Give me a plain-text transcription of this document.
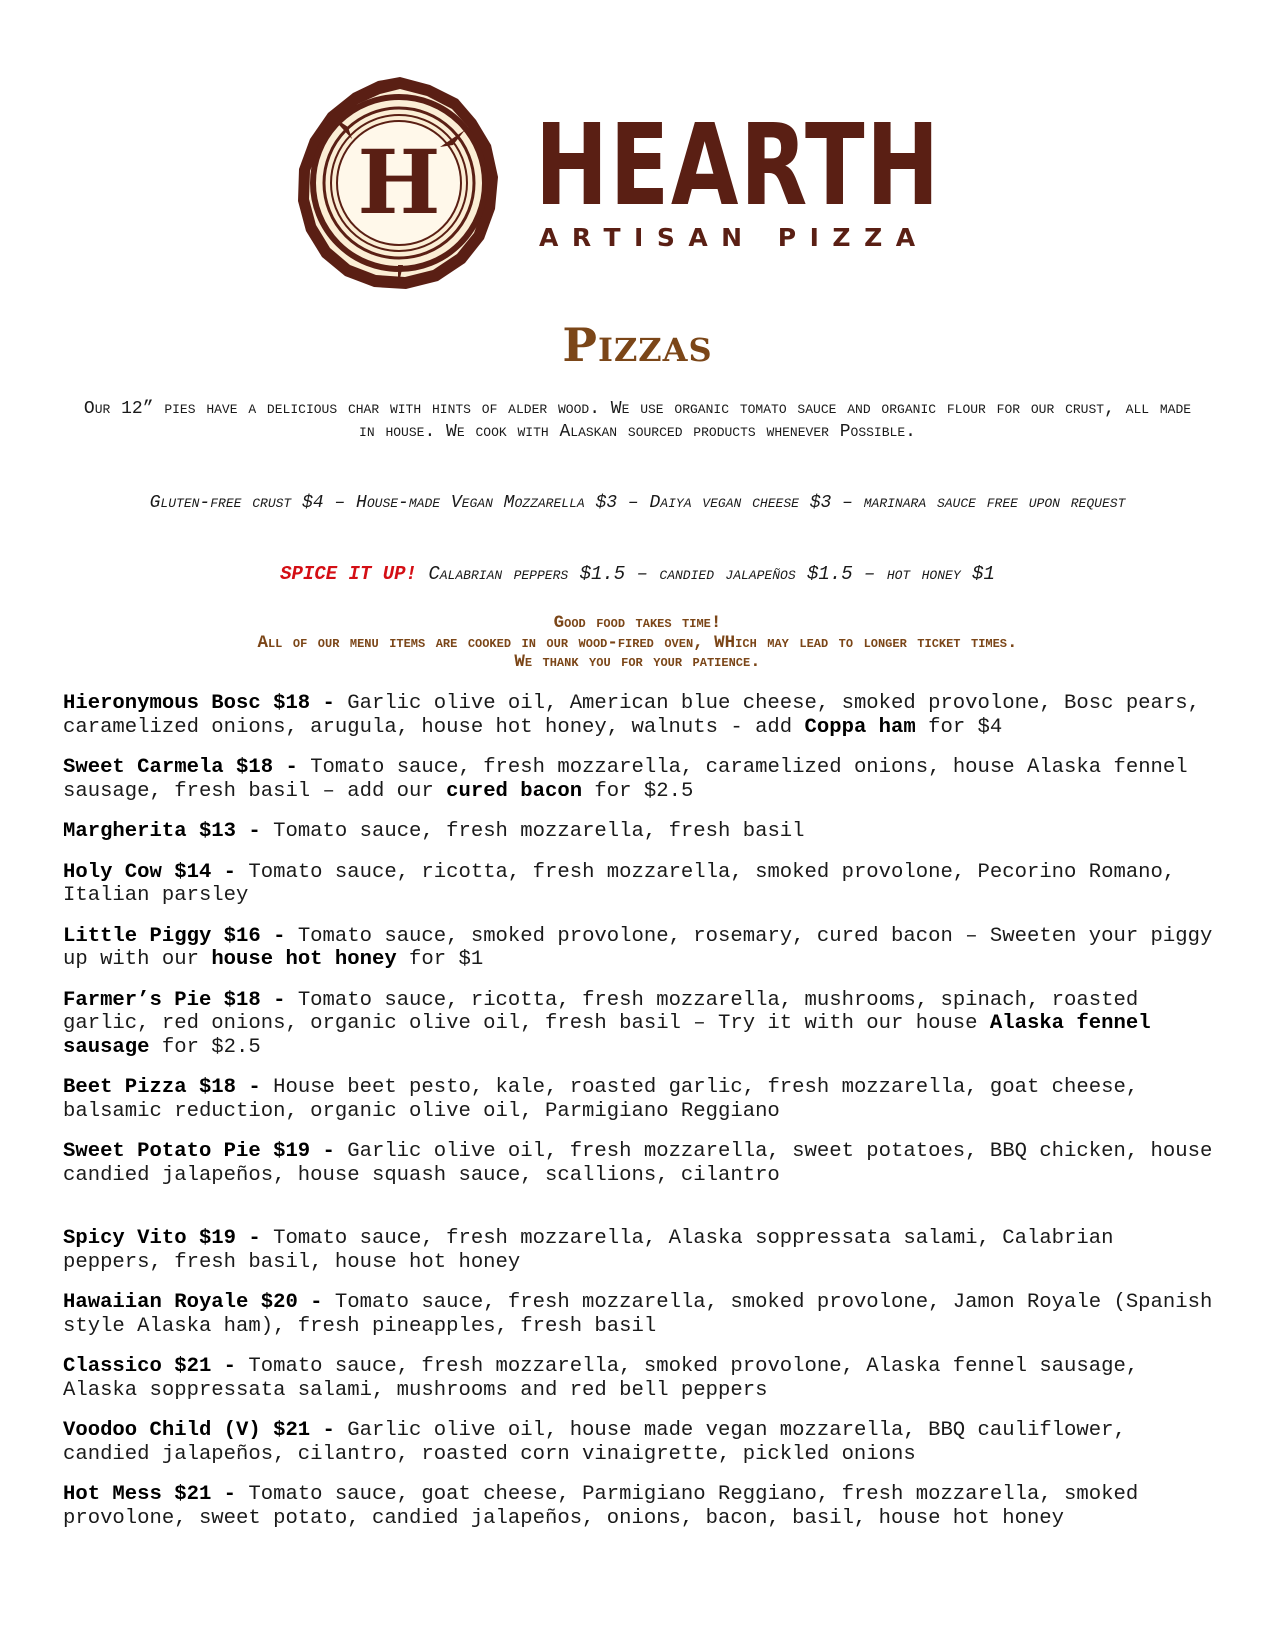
H HEARTH
ARTISAN PIZZA
Pizzas
Our 12” pies have a delicious char with hints of alder wood. We use organic tomato sauce and organic flour for our crust, all made in house. We cook with Alaskan sourced products whenever Possible.
Gluten-free crust $4 – House-made Vegan Mozzarella $3 – Daiya vegan cheese $3 – marinara sauce free upon request
SPICE IT UP! Calabrian peppers $1.5 – candied jalapeños $1.5 – hot honey $1
Good food takes time!
All of our menu items are cooked in our wood-fired oven, WHich may lead to longer ticket times.
We thank you for your patience.

Hieronymous Bosc $18 - Garlic olive oil, American blue cheese, smoked provolone, Bosc pears, caramelized onions, arugula, house hot honey, walnuts - add Coppa ham for $4

Sweet Carmela $18 - Tomato sauce, fresh mozzarella, caramelized onions, house Alaska fennel sausage, fresh basil – add our cured bacon for $2.5

Margherita $13 - Tomato sauce, fresh mozzarella, fresh basil

Holy Cow $14 - Tomato sauce, ricotta, fresh mozzarella, smoked provolone, Pecorino Romano, Italian parsley

Little Piggy $16 - Tomato sauce, smoked provolone, rosemary, cured bacon – Sweeten your piggy up with our house hot honey for $1

Farmer’s Pie $18 - Tomato sauce, ricotta, fresh mozzarella, mushrooms, spinach, roasted garlic, red onions, organic olive oil, fresh basil – Try it with our house Alaska fennel sausage for $2.5

Beet Pizza $18 - House beet pesto, kale, roasted garlic, fresh mozzarella, goat cheese, balsamic reduction, organic olive oil, Parmigiano Reggiano

Sweet Potato Pie $19 - Garlic olive oil, fresh mozzarella, sweet potatoes, BBQ chicken, house candied jalapeños, house squash sauce, scallions, cilantro

Spicy Vito $19 - Tomato sauce, fresh mozzarella, Alaska soppressata salami, Calabrian peppers, fresh basil, house hot honey

Hawaiian Royale $20 - Tomato sauce, fresh mozzarella, smoked provolone, Jamon Royale (Spanish style Alaska ham), fresh pineapples, fresh basil

Classico $21 - Tomato sauce, fresh mozzarella, smoked provolone, Alaska fennel sausage, Alaska soppressata salami, mushrooms and red bell peppers

Voodoo Child (V) $21 - Garlic olive oil, house made vegan mozzarella, BBQ cauliflower, candied jalapeños, cilantro, roasted corn vinaigrette, pickled onions

Hot Mess $21 - Tomato sauce, goat cheese, Parmigiano Reggiano, fresh mozzarella, smoked provolone, sweet potato, candied jalapeños, onions, bacon, basil, house hot honey
